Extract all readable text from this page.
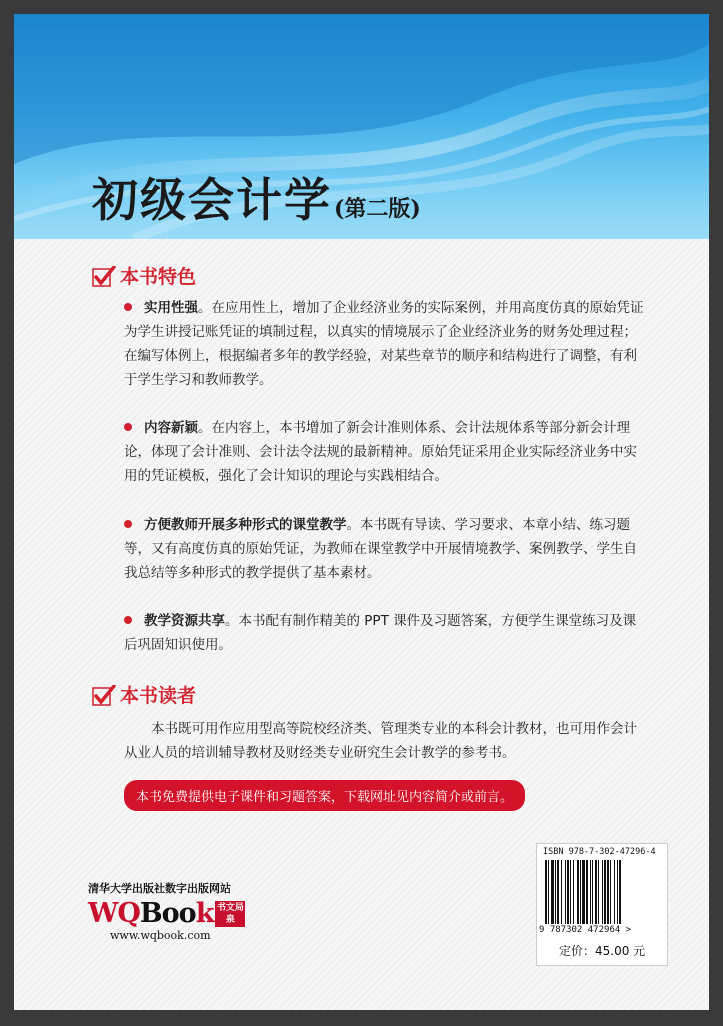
初级会计学(第二版)
本书特色
实用性强。在应用性上，增加了企业经济业务的实际案例，并用高度仿真的原始凭证为学生讲授记账凭证的填制过程，以真实的情境展示了企业经济业务的财务处理过程；在编写体例上，根据编者多年的教学经验，对某些章节的顺序和结构进行了调整，有利于学生学习和教师教学。
内容新颖。在内容上，本书增加了新会计准则体系、会计法规体系等部分新会计理论，体现了会计准则、会计法令法规的最新精神。原始凭证采用企业实际经济业务中实用的凭证模板，强化了会计知识的理论与实践相结合。
方便教师开展多种形式的课堂教学。本书既有导读、学习要求、本章小结、练习题等，又有高度仿真的原始凭证，为教师在课堂教学中开展情境教学、案例教学、学生自我总结等多种形式的教学提供了基本素材。
教学资源共享。本书配有制作精美的 PPT 课件及习题答案，方便学生课堂练习及课后巩固知识使用。
本书读者
本书既可用作应用型高等院校经济类、管理类专业的本科会计教材，也可用作会计从业人员的培训辅导教材及财经类专业研究生会计教学的参考书。
本书免费提供电子课件和习题答案，下载网址见内容简介或前言。
清华大学出版社数字出版网站
WQ Boo k 书文局泉
www.wqbook.com
ISBN 978-7-302-47296-4
9 787302 472964 >
定价：45.00 元
